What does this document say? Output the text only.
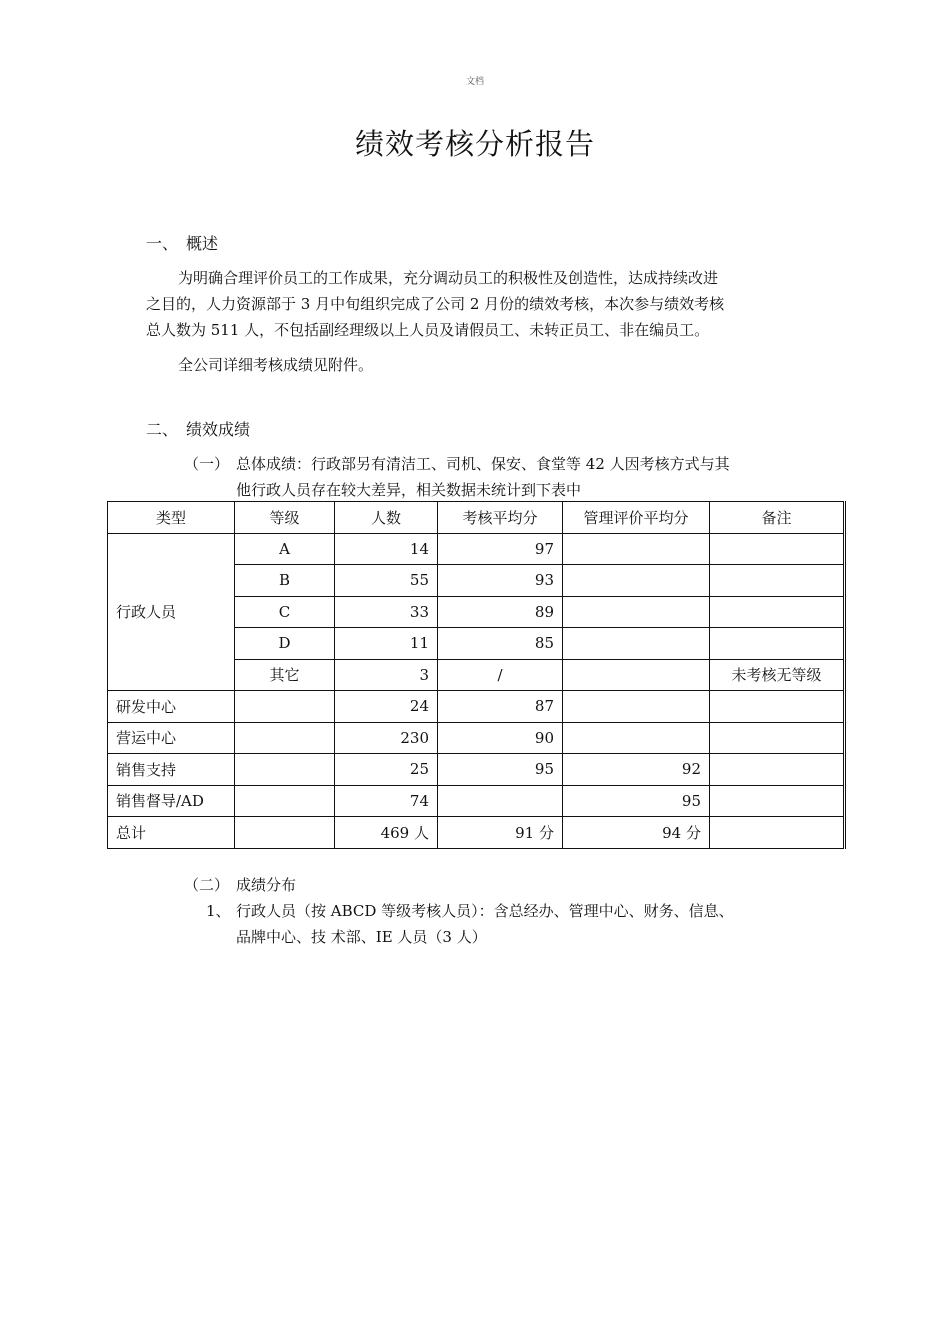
文档
绩效考核分析报告
一、 概述
为明确合理评价员工的工作成果，充分调动员工的积极性及创造性，达成持续改进
之目的，人力资源部于 3 月中旬组织完成了公司 2 月份的绩效考核，本次参与绩效考核
总人数为 511 人，不包括副经理级以上人员及请假员工、未转正员工、非在编员工。
全公司详细考核成绩见附件。
二、 绩效成绩
（一） 总体成绩：行政部另有清洁工、司机、保安、食堂等 42 人因考核方式与其
他行政人员存在较大差异，相关数据未统计到下表中
类型	等级	人数	考核平均分	管理评价平均分	备注
行政人员	A	14	97		
	B	55	93		
	C	33	89		
	D	11	85		
	其它	3	/		未考核无等级
研发中心		24	87		
营运中心		230	90		
销售支持		25	95	92	
销售督导/AD		74		95	
总计		469 人	91 分	94 分	
（二） 成绩分布
1、 行政人员（按 ABCD 等级考核人员）：含总经办、管理中心、财务、信息、
品牌中心、技 术部、IE 人员（3 人）
